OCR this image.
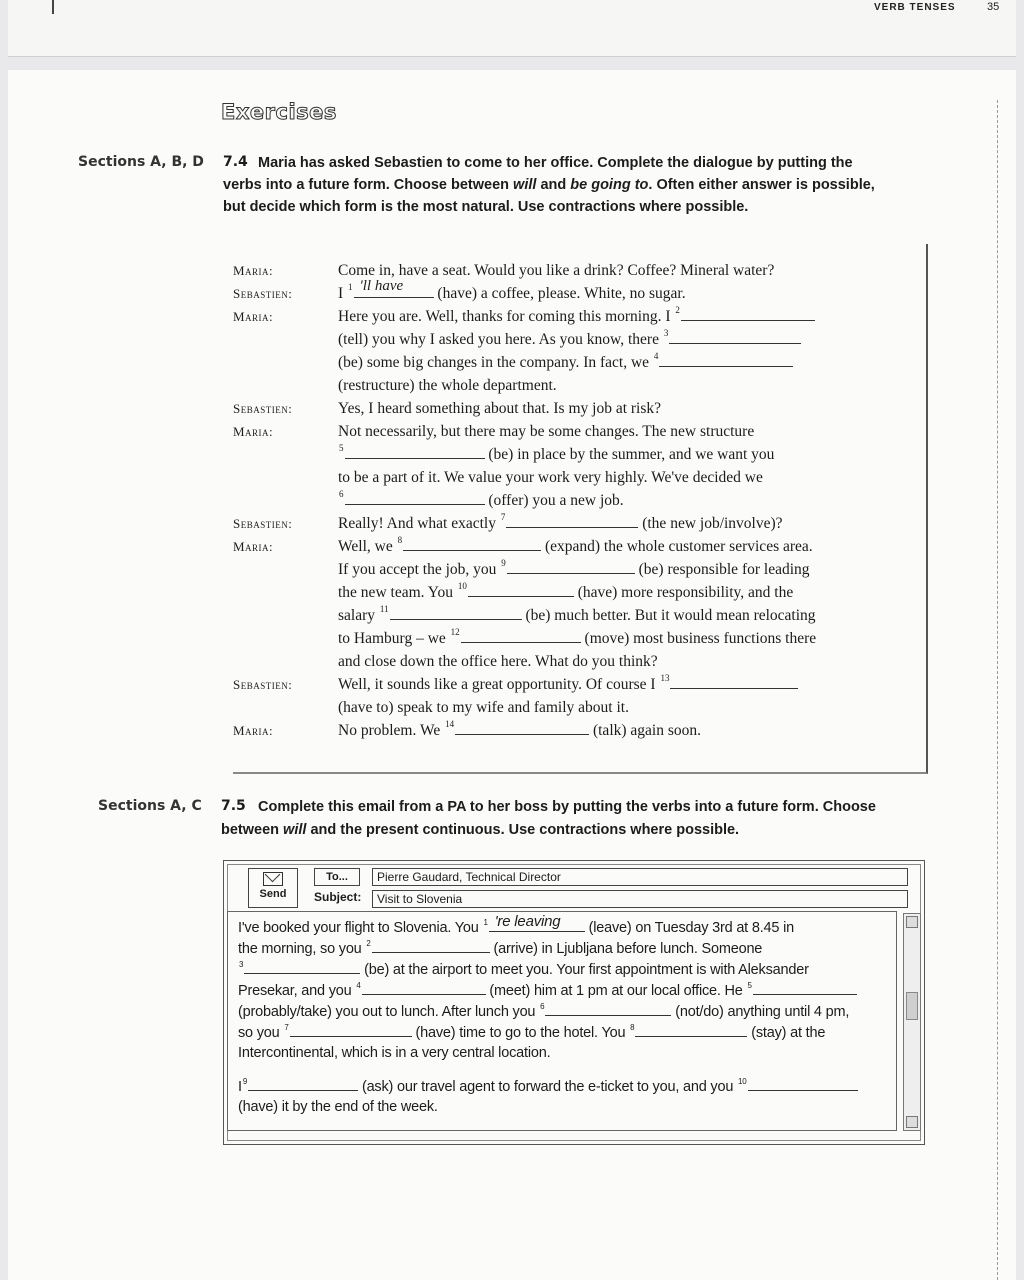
VERB TENSES	35
Exercises
Sections A, B, D 7.4 Maria has asked Sebastien to come to her office. Complete the dialogue by putting the
verbs into a future form. Choose between will and be going to. Often either answer is possible,
but decide which form is the most natural. Use contractions where possible.
Maria:	Come in, have a seat. Would you like a drink? Coffee? Mineral water?
Sebastien:	I $^1$ 'll have (have) a coffee, please. White, no sugar.
Maria:	Here you are. Well, thanks for coming this morning. I $^2$
(tell) you why I asked you here. As you know, there $^3$
(be) some big changes in the company. In fact, we $^4$
(restructure) the whole department.
Sebastien:	Yes, I heard something about that. Is my job at risk?
Maria:	Not necessarily, but there may be some changes. The new structure
$^5$	(be) in place by the summer, and we want you
to be a part of it. We value your work very highly. We've decided we
$^6$	(offer) you a new job.
Sebastien:	Really! And what exactly $^7$	(the new job/involve)?
Maria:	Well, we $^8$	(expand) the whole customer services area.
If you accept the job, you $^9$	(be) responsible for leading
the new team. You $^{10}$	(have) more responsibility, and the
salary $^{11}$	(be) much better. But it would mean relocating
to Hamburg – we $^{12}$	(move) most business functions there
and close down the office here. What do you think?
Sebastien:	Well, it sounds like a great opportunity. Of course I $^{13}$
(have to) speak to my wife and family about it.
Maria:	No problem. We $^{14}$	(talk) again soon.
Sections A, C 7.5 Complete this email from a PA to her boss by putting the verbs into a future form. Choose
between will and the present continuous. Use contractions where possible.
Send
To...	Pierre Gaudard, Technical Director
Subject:	Visit to Slovenia
I've booked your flight to Slovenia. You $^1$ 're leaving (leave) on Tuesday 3rd at 8.45 in
the morning, so you $^2$	(arrive) in Ljubljana before lunch. Someone
$^3$	(be) at the airport to meet you. Your first appointment is with Aleksander
Presekar, and you $^4$	(meet) him at 1 pm at our local office. He $^5$
(probably/take) you out to lunch. After lunch you $^6$	(not/do) anything until 4 pm,
so you $^7$	(have) time to go to the hotel. You $^8$	(stay) at the
Intercontinental, which is in a very central location.
$I^9$	(ask) our travel agent to forward the e-ticket to you, and you $^{10}$
(have) it by the end of the week.
